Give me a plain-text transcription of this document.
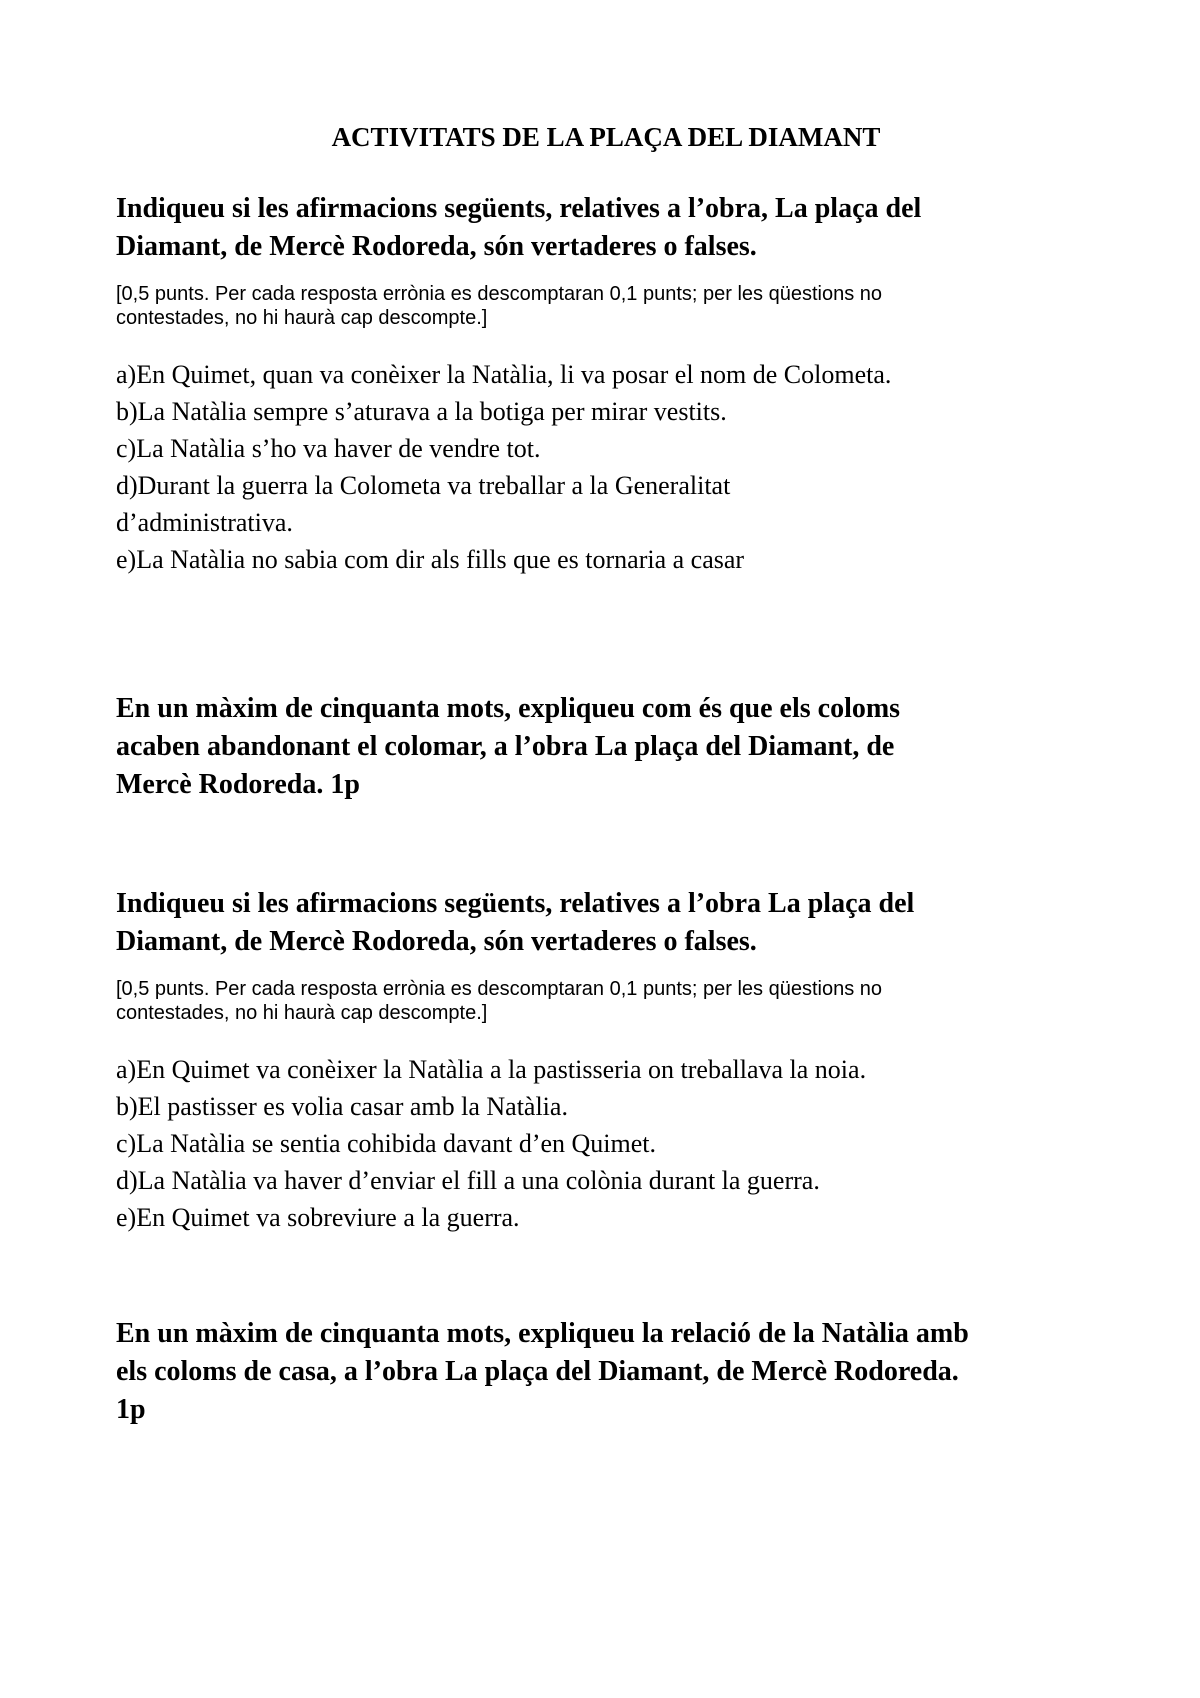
ACTIVITATS DE LA PLAÇA DEL DIAMANT

Indiqueu si les afirmacions següents, relatives a l’obra, La plaça del
Diamant, de Mercè Rodoreda, són vertaderes o falses.

[0,5 punts. Per cada resposta errònia es descomptaran 0,1 punts; per les qüestions no
contestades, no hi haurà cap descompte.]

a)En Quimet, quan va conèixer la Natàlia, li va posar el nom de Colometa.
b)La Natàlia sempre s’aturava a la botiga per mirar vestits.
c)La Natàlia s’ho va haver de vendre tot.
d)Durant la guerra la Colometa va treballar a la Generalitat
d’administrativa.
e)La Natàlia no sabia com dir als fills que es tornaria a casar

En un màxim de cinquanta mots, expliqueu com és que els coloms
acaben abandonant el colomar, a l’obra La plaça del Diamant, de
Mercè Rodoreda. 1p

Indiqueu si les afirmacions següents, relatives a l’obra La plaça del
Diamant, de Mercè Rodoreda, són vertaderes o falses.

[0,5 punts. Per cada resposta errònia es descomptaran 0,1 punts; per les qüestions no
contestades, no hi haurà cap descompte.]

a)En Quimet va conèixer la Natàlia a la pastisseria on treballava la noia.
b)El pastisser es volia casar amb la Natàlia.
c)La Natàlia se sentia cohibida davant d’en Quimet.
d)La Natàlia va haver d’enviar el fill a una colònia durant la guerra.
e)En Quimet va sobreviure a la guerra.

En un màxim de cinquanta mots, expliqueu la relació de la Natàlia amb
els coloms de casa, a l’obra La plaça del Diamant, de Mercè Rodoreda.
1p
